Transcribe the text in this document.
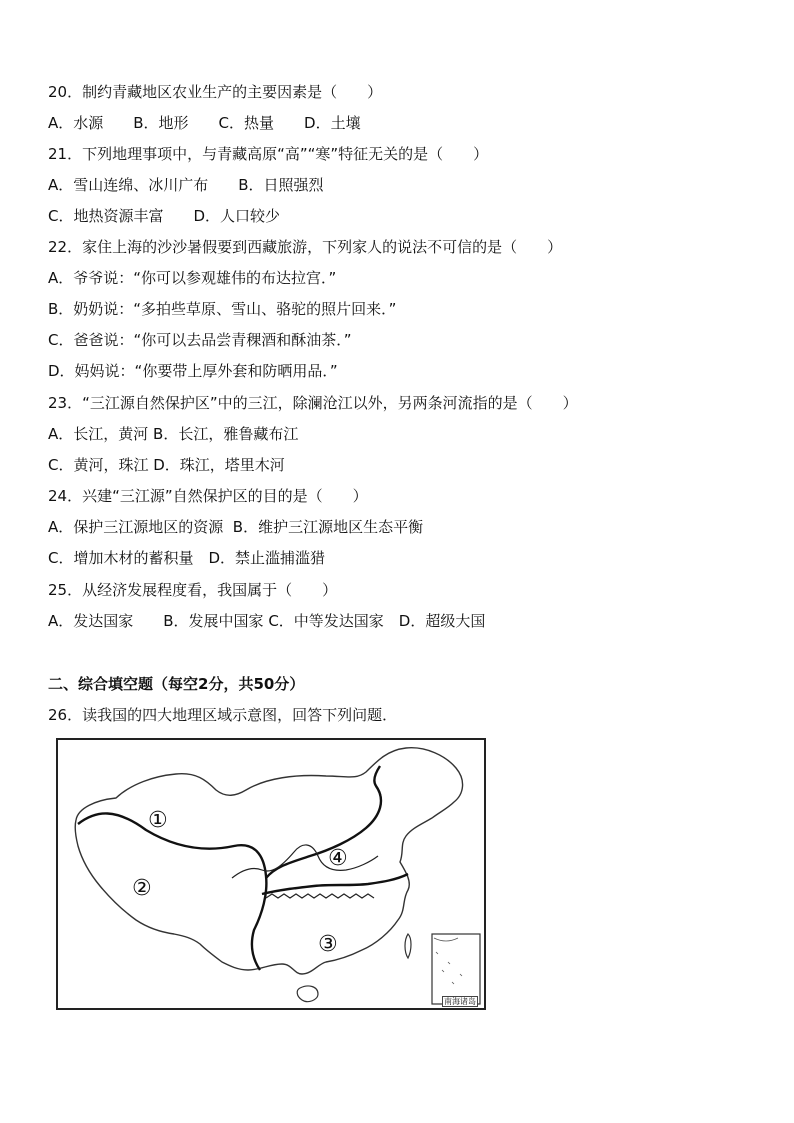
20．制约青藏地区农业生产的主要因素是（　　）
A．水源　　B．地形　　C．热量　　D．土壤
21．下列地理事项中，与青藏高原“高”“寒”特征无关的是（　　）
A．雪山连绵、冰川广布　　B．日照强烈
C．地热资源丰富　　D．人口较少
22．家住上海的沙沙暑假要到西藏旅游，下列家人的说法不可信的是（　　）
A．爷爷说：“你可以参观雄伟的布达拉宫．”
B．奶奶说：“多拍些草原、雪山、骆驼的照片回来．”
C．爸爸说：“你可以去品尝青稞酒和酥油茶．”
D．妈妈说：“你要带上厚外套和防晒用品．”
23．“三江源自然保护区”中的三江，除澜沧江以外，另两条河流指的是（　　）
A．长江，黄河 B．长江，雅鲁藏布江
C．黄河，珠江 D．珠江，塔里木河
24．兴建“三江源”自然保护区的目的是（　　）
A．保护三江源地区的资源  B．维护三江源地区生态平衡
C．增加木材的蓄积量　D．禁止滥捕滥猎
25．从经济发展程度看，我国属于（　　）
A．发达国家　　B．发展中国家 C．中等发达国家　D．超级大国
二、综合填空题（每空2分，共50分）
26．读我国的四大地理区域示意图，回答下列问题．
①
②
③
④
南海诸岛
